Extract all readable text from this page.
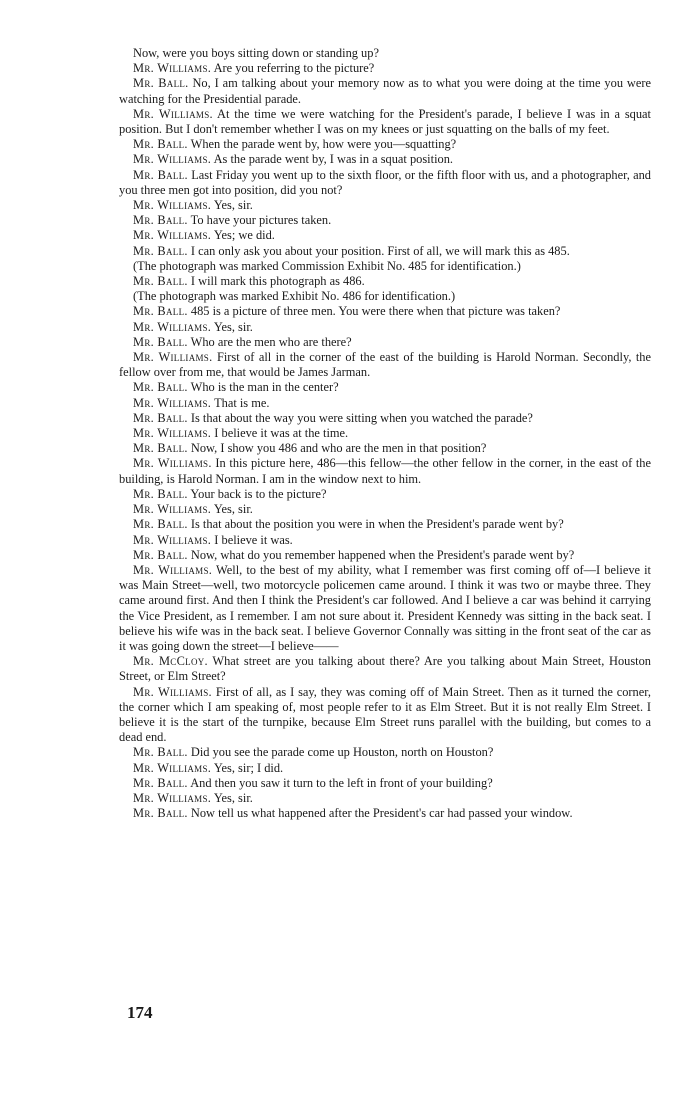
Now, were you boys sitting down or standing up?

Mr. Williams. Are you referring to the picture?

Mr. Ball. No, I am talking about your memory now as to what you were doing at the time you were watching for the Presidential parade.

Mr. Williams. At the time we were watching for the President's parade, I believe I was in a squat position. But I don't remember whether I was on my knees or just squatting on the balls of my feet.

Mr. Ball. When the parade went by, how were you—squatting?

Mr. Williams. As the parade went by, I was in a squat position.

Mr. Ball. Last Friday you went up to the sixth floor, or the fifth floor with us, and a photographer, and you three men got into position, did you not?

Mr. Williams. Yes, sir.

Mr. Ball. To have your pictures taken.

Mr. Williams. Yes; we did.

Mr. Ball. I can only ask you about your position. First of all, we will mark this as 485.

(The photograph was marked Commission Exhibit No. 485 for identification.)

Mr. Ball. I will mark this photograph as 486.

(The photograph was marked Exhibit No. 486 for identification.)

Mr. Ball. 485 is a picture of three men. You were there when that picture was taken?

Mr. Williams. Yes, sir.

Mr. Ball. Who are the men who are there?

Mr. Williams. First of all in the corner of the east of the building is Harold Norman. Secondly, the fellow over from me, that would be James Jarman.

Mr. Ball. Who is the man in the center?

Mr. Williams. That is me.

Mr. Ball. Is that about the way you were sitting when you watched the parade?

Mr. Williams. I believe it was at the time.

Mr. Ball. Now, I show you 486 and who are the men in that position?

Mr. Williams. In this picture here, 486—this fellow—the other fellow in the corner, in the east of the building, is Harold Norman. I am in the window next to him.

Mr. Ball. Your back is to the picture?

Mr. Williams. Yes, sir.

Mr. Ball. Is that about the position you were in when the President's parade went by?

Mr. Williams. I believe it was.

Mr. Ball. Now, what do you remember happened when the President's parade went by?

Mr. Williams. Well, to the best of my ability, what I remember was first coming off of—I believe it was Main Street—well, two motorcycle policemen came around. I think it was two or maybe three. They came around first. And then I think the President's car followed. And I believe a car was behind it carrying the Vice President, as I remember. I am not sure about it. President Kennedy was sitting in the back seat. I believe his wife was in the back seat. I believe Governor Connally was sitting in the front seat of the car as it was going down the street—I believe——

Mr. McCloy. What street are you talking about there? Are you talking about Main Street, Houston Street, or Elm Street?

Mr. Williams. First of all, as I say, they was coming off of Main Street. Then as it turned the corner, the corner which I am speaking of, most people refer to it as Elm Street. But it is not really Elm Street. I believe it is the start of the turnpike, because Elm Street runs parallel with the building, but comes to a dead end.

Mr. Ball. Did you see the parade come up Houston, north on Houston?

Mr. Williams. Yes, sir; I did.

Mr. Ball. And then you saw it turn to the left in front of your building?

Mr. Williams. Yes, sir.

Mr. Ball. Now tell us what happened after the President's car had passed your window.

174
